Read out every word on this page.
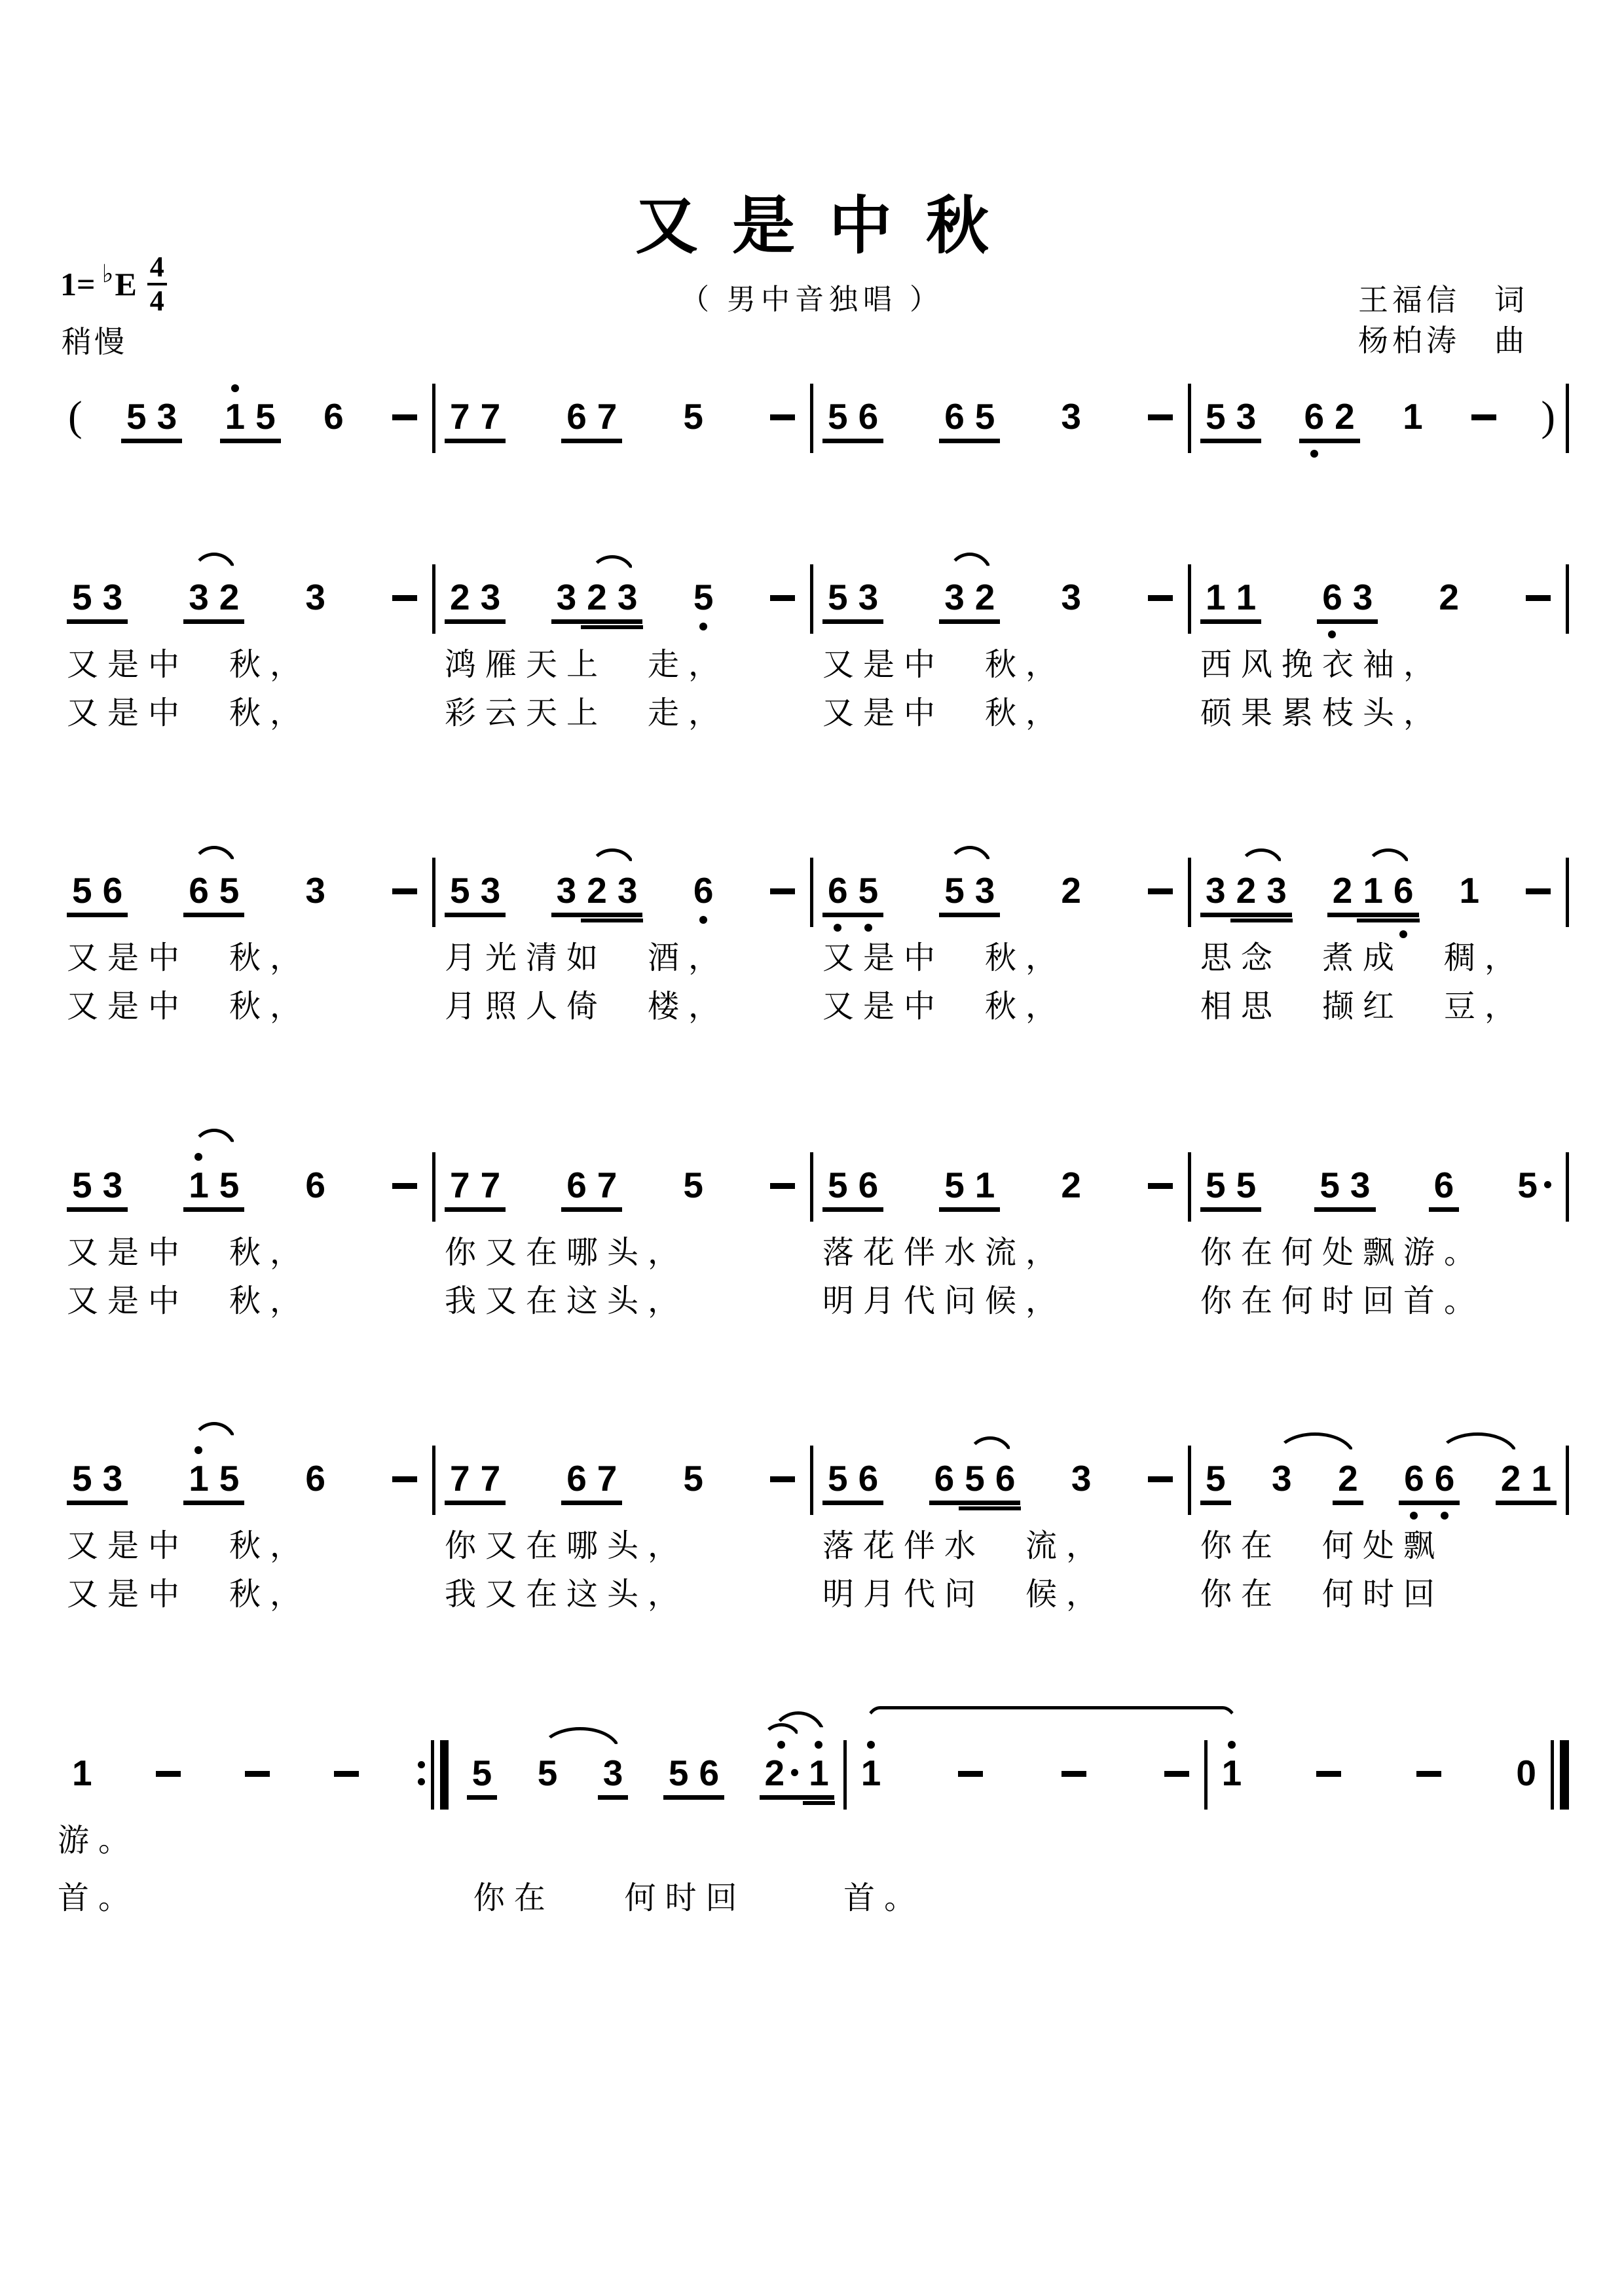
又是中秋
（ 男中音独唱 ）
1= ♭ E $\frac{4}{4}$
稍慢
王福信　词
杨柏涛　曲
( 5 3 1 5 6	7 7 6 7 5	5 6 6 5 3	5 3 6 2 1	)
5 3 3 2 3	2 3 3 2 3 5	5 3 3 2 3	1 1 6 3 2
又是中　秋，	鸿雁天上　走，	又是中　秋，	西风挽衣袖，
又是中　秋，	彩云天上　走，	又是中　秋，	硕果累枝头，
5 6 6 5 3	5 3 3 2 3 6	6 5 5 3 2	3 2 3 2 1 6 1
又是中　秋，	月光清如　酒，	又是中　秋，	思念　煮成　稠，
又是中　秋，	月照人倚　楼，	又是中　秋，	相思　撷红　豆，
5 3 1 5 6	7 7 6 7 5	5 6 5 1 2	5 5 5 3 6 5
又是中　秋，	你又在哪头，	落花伴水流，	你在何处飘游。
又是中　秋，	我又在这头，	明月代问候，	你在何时回首。
5 3 1 5 6	7 7 6 7 5	5 6 6 5 6 3	5 3 2 6 6 2 1
又是中　秋，	你又在哪头，	落花伴水　流，	你在　何处飘
又是中　秋，	我又在这头，	明月代问　候，	你在　何时回
1	5 5 3 5 6 2 1 1	1	0
游。
首。	你在 何时回	首。
